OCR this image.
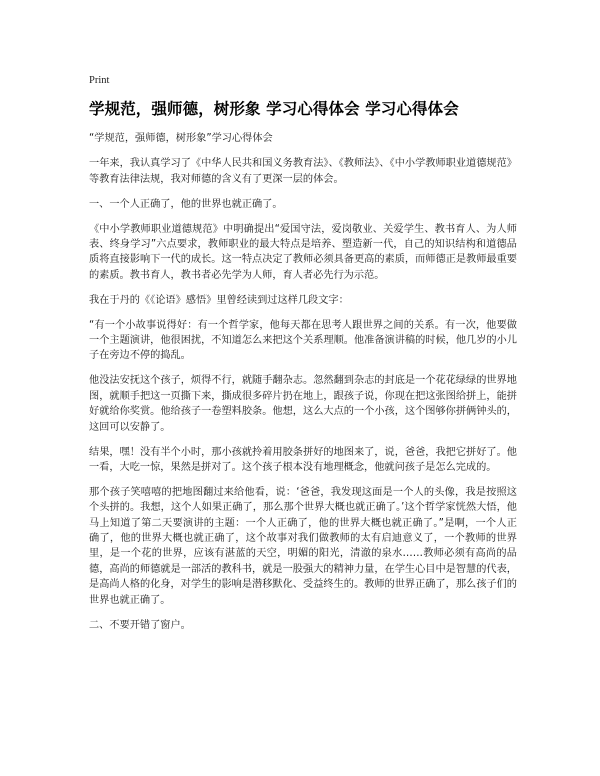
Print
学规范，强师德，树形象 学习心得体会 学习心得体会

“学规范，强师德，树形象”学习心得体会

一年来，我认真学习了《中华人民共和国义务教育法》、《教师法》、《中小学教师职业道德规范》等教育法律法规，我对师德的含义有了更深一层的体会。

一、一个人正确了，他的世界也就正确了。

《中小学教师职业道德规范》中明确提出“爱国守法，爱岗敬业、关爱学生、教书育人、为人师表、终身学习”六点要求，教师职业的最大特点是培养、塑造新一代，自己的知识结构和道德品质将直接影响下一代的成长。这一特点决定了教师必须具备更高的素质，而师德正是教师最重要的素质。教书育人，教书者必先学为人师，育人者必先行为示范。

我在于丹的《《论语》感悟》里曾经读到过这样几段文字：

“有一个小故事说得好：有一个哲学家，他每天都在思考人跟世界之间的关系。有一次，他要做一个主题演讲，他很困扰，不知道怎么来把这个关系理顺。他准备演讲稿的时候，他几岁的小儿子在旁边不停的捣乱。

他没法安抚这个孩子，烦得不行，就随手翻杂志。忽然翻到杂志的封底是一个花花绿绿的世界地图，就顺手把这一页撕下来，撕成很多碎片扔在地上，跟孩子说，你现在把这张图给拼上，能拼好就给你奖赏。他给孩子一卷塑料胶条。他想，这么大点的一个小孩，这个图够你拼俩钟头的，这回可以安静了。

结果，嘿！没有半个小时，那小孩就拎着用胶条拼好的地图来了，说，爸爸，我把它拼好了。他一看，大吃一惊，果然是拼对了。这个孩子根本没有地理概念，他就问孩子是怎么完成的。

那个孩子笑嘻嘻的把地图翻过来给他看，说：‘爸爸，我发现这面是一个人的头像，我是按照这个头拼的。我想，这个人如果正确了，那么那个世界大概也就正确了。’这个哲学家恍然大悟，他马上知道了第二天要演讲的主题：一个人正确了，他的世界大概也就正确了。”是啊，一个人正确了，他的世界大概也就正确了，这个故事对我们做教师的太有启迪意义了，一个教师的世界里，是一个花的世界，应该有湛蓝的天空，明媚的阳光，清澈的泉水……教师必须有高尚的品德，高尚的师德就是一部活的教科书，就是一股强大的精神力量，在学生心目中是智慧的代表，是高尚人格的化身，对学生的影响是潜移默化、受益终生的。教师的世界正确了，那么孩子们的世界也就正确了。

二、不要开错了窗户。
